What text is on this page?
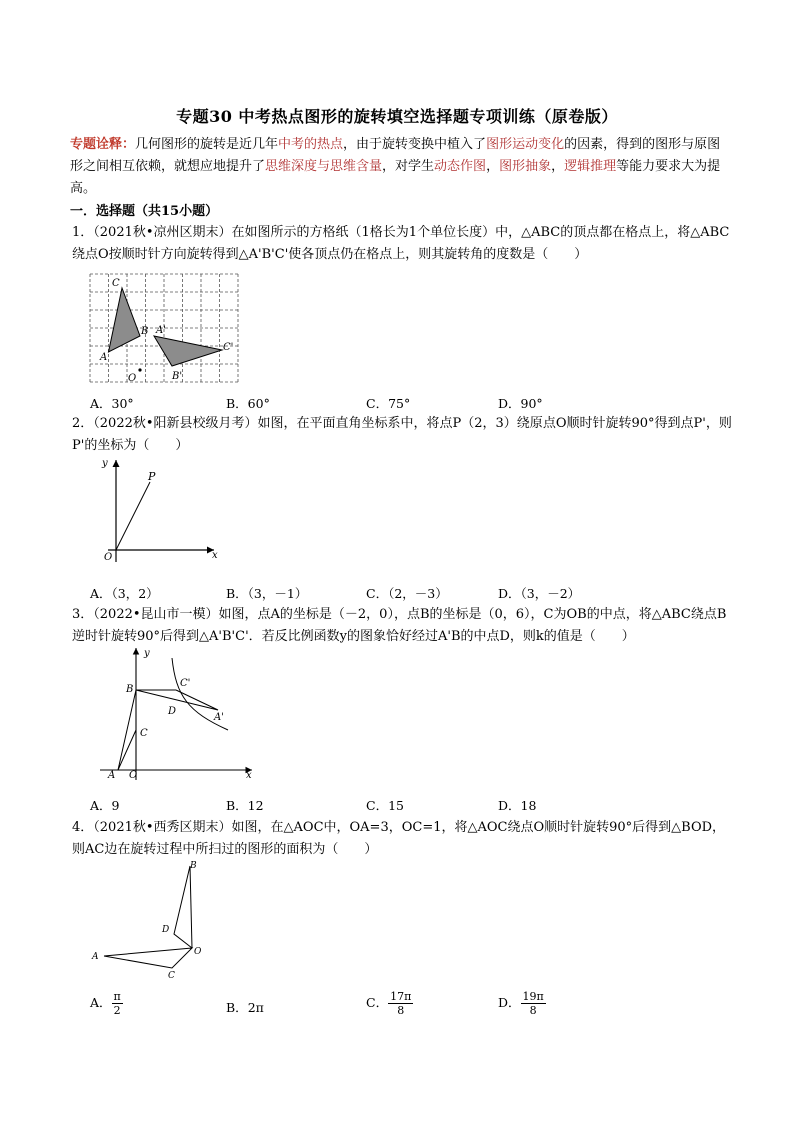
专题30 中考热点图形的旋转填空选择题专项训练（原卷版）
专题诠释：几何图形的旋转是近几年中考的热点，由于旋转变换中植入了图形运动变化的因素，得到的图形与原图形之间相互依赖，就想应地提升了思维深度与思维含量，对学生动态作图，图形抽象，逻辑推理等能力要求大为提高。
一．选择题（共15小题）
1．（2021秋•凉州区期末）在如图所示的方格纸（1格长为1个单位长度）中，△ABC的顶点都在格点上，将△ABC绕点O按顺时针方向旋转得到△A'B'C'使各顶点仍在格点上，则其旋转角的度数是（　　）
A
C
B A'
C'
B'
O
A．30°	B．60°	C．75°	D．90°
2．（2022秋•阳新县校级月考）如图，在平面直角坐标系中，将点P（2，3）绕原点O顺时针旋转90°得到点P'，则P'的坐标为（　　）
O
y
x
P
A．（3，2）	B．（3，－1）	C．（2，－3）	D．（3，－2）
3．（2022•昆山市一模）如图，点A的坐标是（－2，0），点B的坐标是（0，6），C为OB的中点，将△ABC绕点B逆时针旋转90°后得到△A'B'C'．若反比例函数y的图象恰好经过A'B的中点D，则k的值是（　　）
B
C
A O	x
y
C'
D
A'
A．9	B．12	C．15	D．18
4．（2021秋•西秀区期末）如图，在△AOC中，OA=3，OC=1，将△AOC绕点O顺时针旋转90°后得到△BOD，则AC边在旋转过程中所扫过的图形的面积为（　　）
A	O
C
B
D
A． $\frac{\pi}{2}$	B．2π	C． $\frac{17\pi}{8}$	D． $\frac{19\pi}{8}$
